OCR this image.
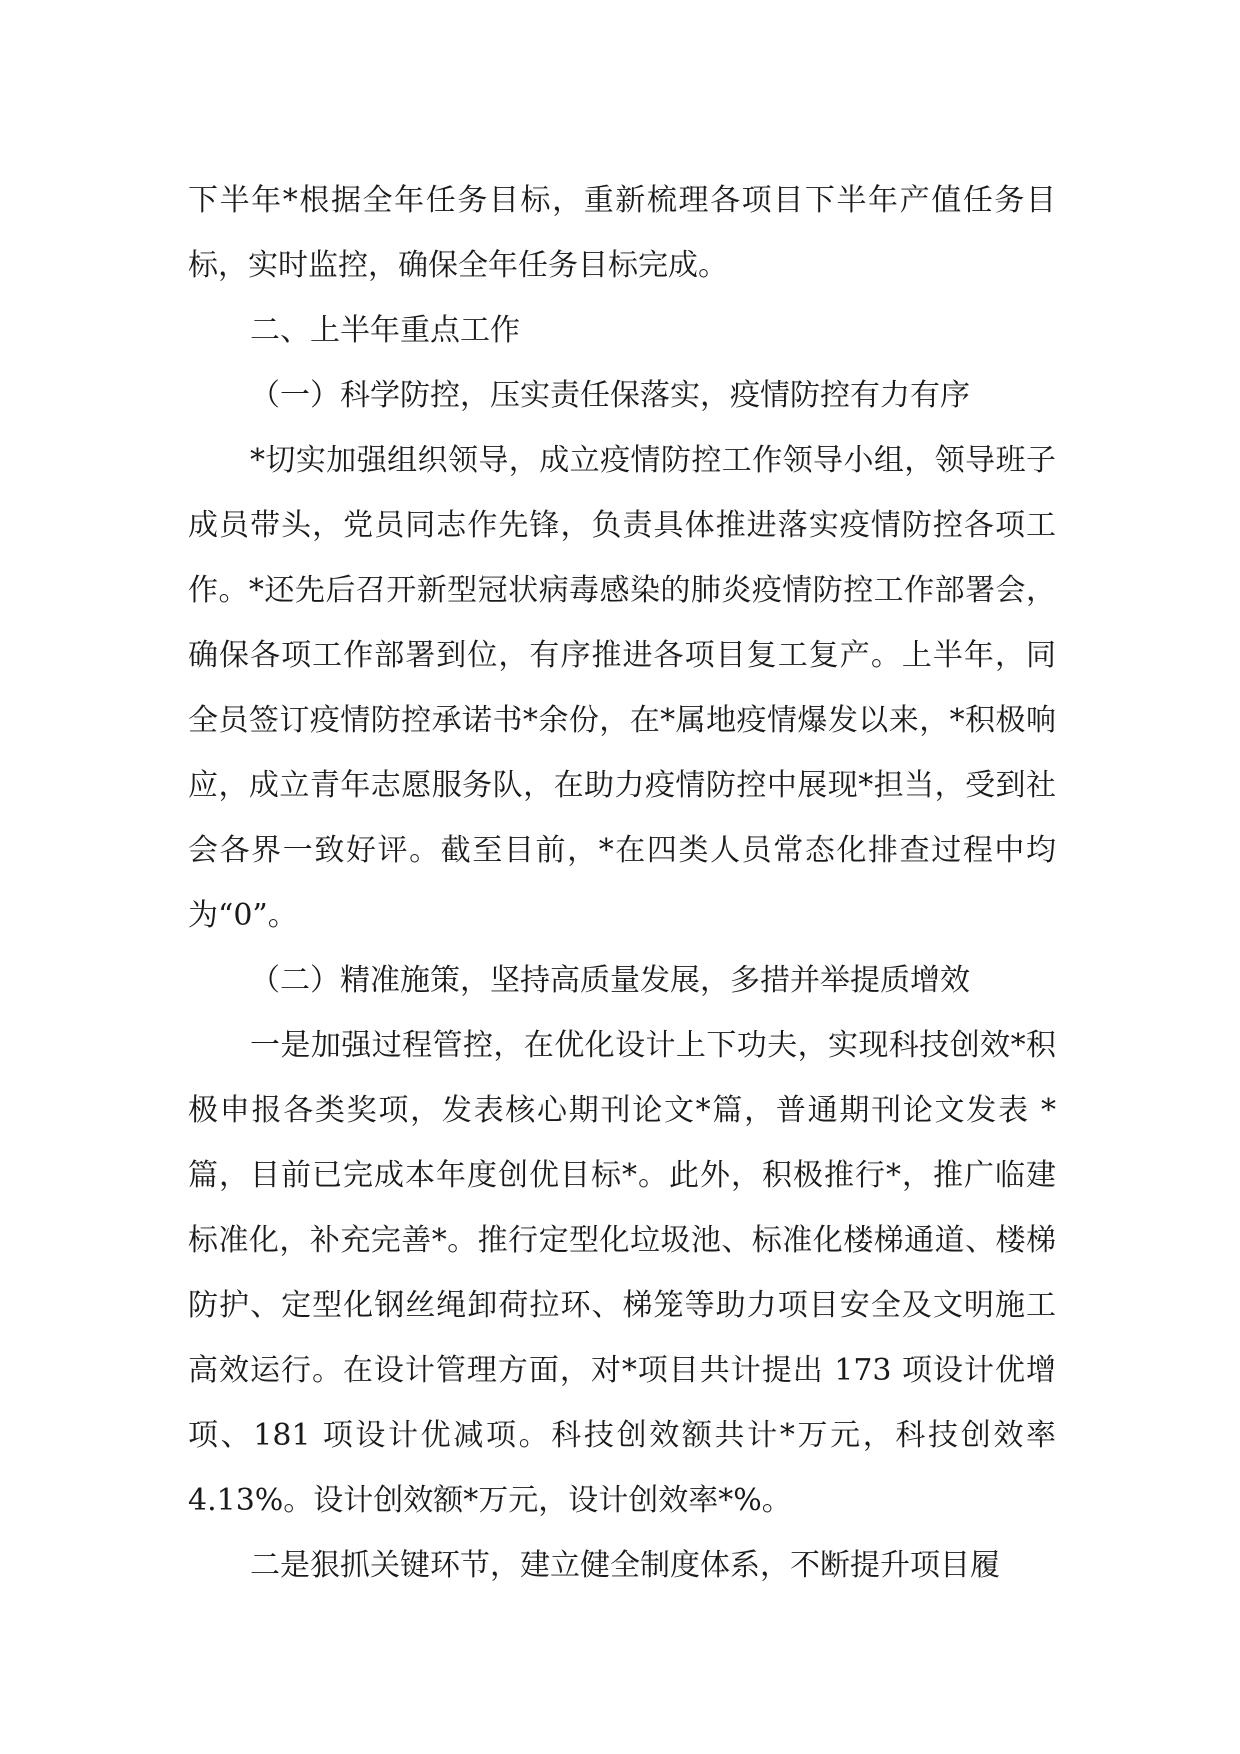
下半年*根据全年任务目标，重新梳理各项目下半年产值任务目标，实时监控，确保全年任务目标完成。

二、上半年重点工作

（一）科学防控，压实责任保落实，疫情防控有力有序

*切实加强组织领导，成立疫情防控工作领导小组，领导班子成员带头，党员同志作先锋，负责具体推进落实疫情防控各项工作。*还先后召开新型冠状病毒感染的肺炎疫情防控工作部署会，确保各项工作部署到位，有序推进各项目复工复产。上半年，同全员签订疫情防控承诺书*余份，在*属地疫情爆发以来，*积极响应，成立青年志愿服务队，在助力疫情防控中展现*担当，受到社会各界一致好评。截至目前，*在四类人员常态化排查过程中均为“0”。

（二）精准施策，坚持高质量发展，多措并举提质增效

一是加强过程管控，在优化设计上下功夫，实现科技创效*积极申报各类奖项，发表核心期刊论文*篇，普通期刊论文发表 *篇，目前已完成本年度创优目标*。此外，积极推行*，推广临建标准化，补充完善*。推行定型化垃圾池、标准化楼梯通道、楼梯防护、定型化钢丝绳卸荷拉环、梯笼等助力项目安全及文明施工高效运行。在设计管理方面，对*项目共计提出 173 项设计优增项、181 项设计优减项。科技创效额共计*万元，科技创效率 4.13%。设计创效额*万元，设计创效率*%。

二是狠抓关键环节，建立健全制度体系，不断提升项目履
